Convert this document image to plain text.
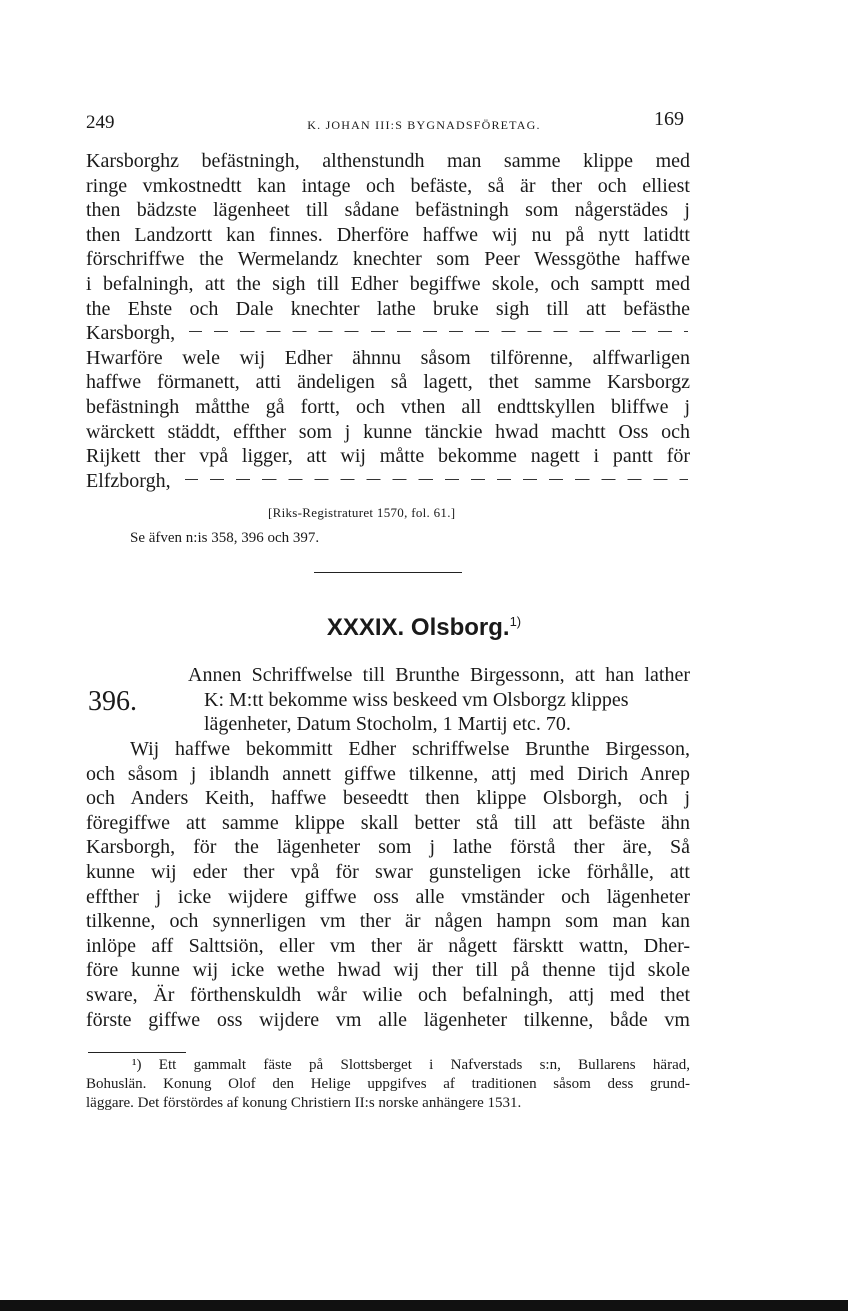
249	K. JOHAN III:S BYGNADSFÖRETAG.	169
Karsborghz befästningh, althenstundh man samme klippe med
ringe vmkostnedtt kan intage och befäste, så är ther och elliest
then bädzste lägenheet till sådane befästningh som någerstädes j
then Landzortt kan finnes. Dherföre haffwe wij nu på nytt latidtt
förschriffwe the Wermelandz knechter som Peer Wessgöthe haffwe
i befalningh, att the sigh till Edher begiffwe skole, och samptt med
the Ehste och Dale knechter lathe bruke sigh till att befästhe
Karsborgh,
Hwarföre wele wij Edher ähnnu såsom tilförenne, alffwarligen
haffwe förmanett, atti ändeligen så lagett, thet samme Karsborgz
befästningh måtthe gå fortt, och vthen all endttskyllen bliffwe j
wärckett städdt, effther som j kunne tänckie hwad machtt Oss och
Rijkett ther vpå ligger, att wij måtte bekomme nagett i pantt för
Elfzborgh,
[Riks-Registraturet 1570, fol. 61.]
Se äfven n:is 358, 396 och 397.
XXXIX. Olsborg.$^{1)}$
396.
Annen Schriffwelse till Brunthe Birgessonn, att han lather
K: M:tt bekomme wiss beskeed vm Olsborgz klippes
lägenheter, Datum Stocholm, 1 Martij etc. 70.
Wij haffwe bekommitt Edher schriffwelse Brunthe Birgesson,
och såsom j iblandh annett giffwe tilkenne, attj med Dirich Anrep
och Anders Keith, haffwe beseedtt then klippe Olsborgh, och j
föregiffwe att samme klippe skall better stå till att befäste ähn
Karsborgh, för the lägenheter som j lathe förstå ther äre, Så
kunne wij eder ther vpå för swar gunsteligen icke förhålle, att
effther j icke wijdere giffwe oss alle vmständer och lägenheter
tilkenne, och synnerligen vm ther är någen hampn som man kan
inlöpe aff Salttsiön, eller vm ther är någett färsktt wattn, Dher-
före kunne wij icke wethe hwad wij ther till på thenne tijd skole
sware, Är förthenskuldh wår wilie och befalningh, attj med thet
förste giffwe oss wijdere vm alle lägenheter tilkenne, både vm
¹) Ett gammalt fäste på Slottsberget i Nafverstads s:n, Bullarens härad,
Bohuslän. Konung Olof den Helige uppgifves af traditionen såsom dess grund-
läggare. Det förstördes af konung Christiern II:s norske anhängere 1531.
